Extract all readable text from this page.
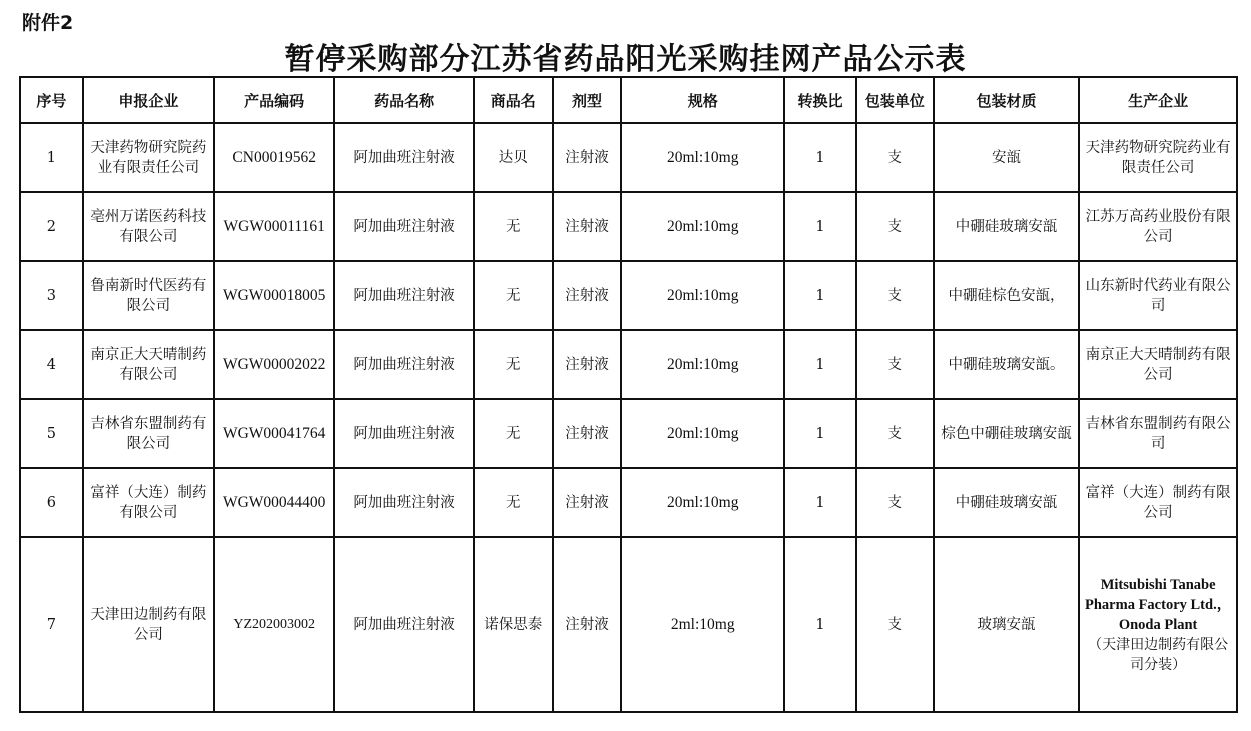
附件2
暂停采购部分江苏省药品阳光采购挂网产品公示表
序号	申报企业	产品编码	药品名称	商品名	剂型	规格	转换比	包装单位	包装材质	生产企业
1	天津药物研究院药业有限责任公司	CN00019562	阿加曲班注射液	达贝	注射液	20ml:10mg	1	支	安瓿	天津药物研究院药业有限责任公司
2	亳州万诺医药科技有限公司	WGW00011161	阿加曲班注射液	无	注射液	20ml:10mg	1	支	中硼硅玻璃安瓿	江苏万高药业股份有限公司
3	鲁南新时代医药有限公司	WGW00018005	阿加曲班注射液	无	注射液	20ml:10mg	1	支	中硼硅棕色安瓿，	山东新时代药业有限公司
4	南京正大天晴制药有限公司	WGW00002022	阿加曲班注射液	无	注射液	20ml:10mg	1	支	中硼硅玻璃安瓿。	南京正大天晴制药有限公司
5	吉林省东盟制药有限公司	WGW00041764	阿加曲班注射液	无	注射液	20ml:10mg	1	支	棕色中硼硅玻璃安瓿	吉林省东盟制药有限公司
6	富祥（大连）制药有限公司	WGW00044400	阿加曲班注射液	无	注射液	20ml:10mg	1	支	中硼硅玻璃安瓿	富祥（大连）制药有限公司
7	天津田边制药有限公司	YZ202003002	阿加曲班注射液	诺保思泰	注射液	2ml:10mg	1	支	玻璃安瓿	Mitsubishi Tanabe Pharma Factory Ltd.，Onoda Plant
（天津田边制药有限公司分装）
